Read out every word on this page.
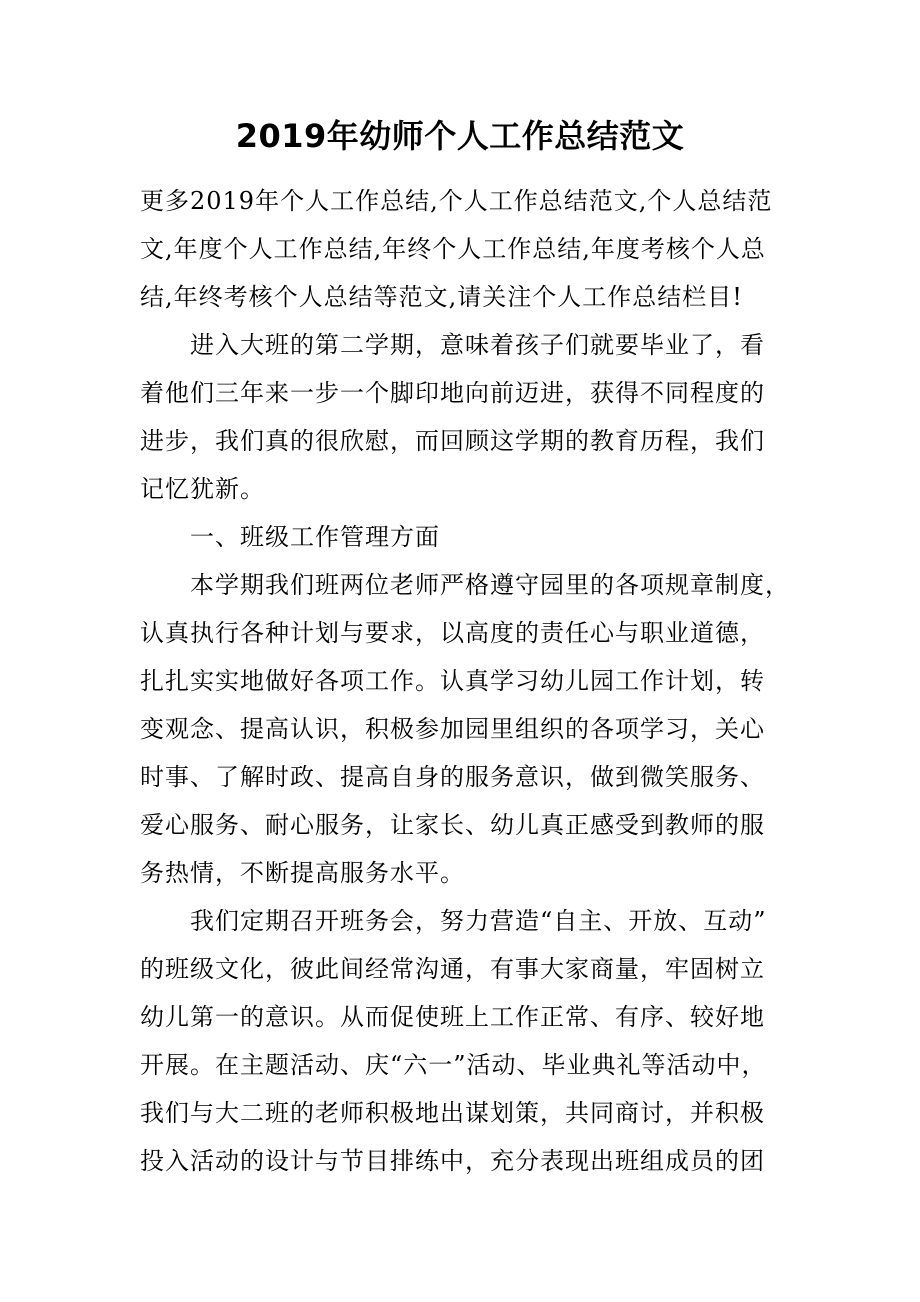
2019年幼师个人工作总结范文
更多2019年个人工作总结,个人工作总结范文,个人总结范
文,年度个人工作总结,年终个人工作总结,年度考核个人总
结,年终考核个人总结等范文,请关注个人工作总结栏目!
进入大班的第二学期，意味着孩子们就要毕业了，看
着他们三年来一步一个脚印地向前迈进，获得不同程度的
进步，我们真的很欣慰，而回顾这学期的教育历程，我们
记忆犹新。
一、班级工作管理方面
本学期我们班两位老师严格遵守园里的各项规章制度，
认真执行各种计划与要求，以高度的责任心与职业道德，
扎扎实实地做好各项工作。认真学习幼儿园工作计划，转
变观念、提高认识，积极参加园里组织的各项学习，关心
时事、了解时政、提高自身的服务意识，做到微笑服务、
爱心服务、耐心服务，让家长、幼儿真正感受到教师的服
务热情，不断提高服务水平。
我们定期召开班务会，努力营造“自主、开放、互动”
的班级文化，彼此间经常沟通，有事大家商量，牢固树立
幼儿第一的意识。从而促使班上工作正常、有序、较好地
开展。在主题活动、庆“六一”活动、毕业典礼等活动中，
我们与大二班的老师积极地出谋划策，共同商讨，并积极
投入活动的设计与节目排练中，充分表现出班组成员的团
